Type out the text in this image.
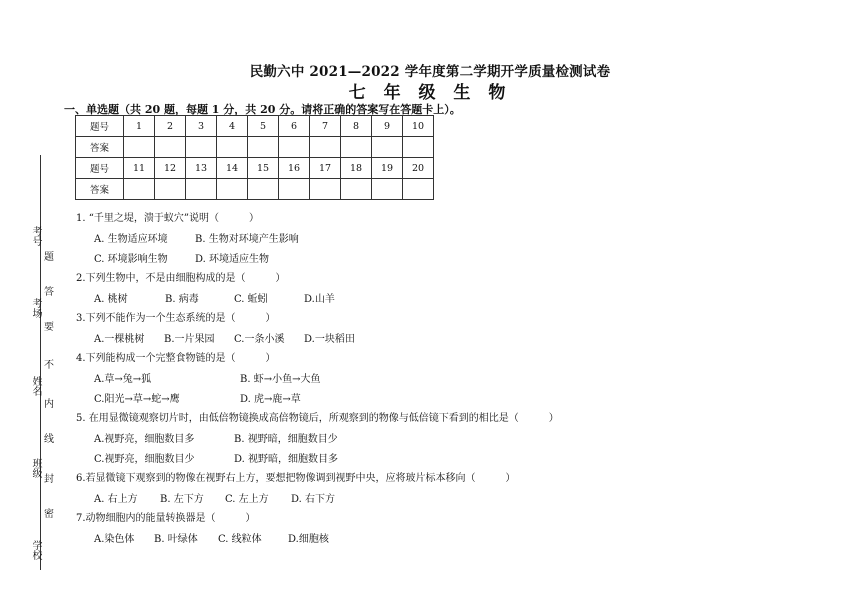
民勤六中 2021—2022 学年度第二学期开学质量检测试卷
七 年 级 生 物
一、单选题（共 20 题，每题 1 分，共 20 分。请将正确的答案写在答题卡上）。
题号	1	2	3	4	5	6	7	8	9	10
答案										
题号	11	12	13	14	15	16	17	18	19	20
答案										
1. “千里之堤，溃于蚁穴”说明（　　　）
A. 生物适应环境	B. 生物对环境产生影响
C. 环境影响生物	D. 环境适应生物
2.下列生物中，不是由细胞构成的是（　　　）
A. 桃树	B. 病毒	C. 蚯蚓	D.山羊
3.下列不能作为一个生态系统的是（　　　）
A.一棵桃树 B.一片果园 C.一条小溪 D.一块稻田
4.下列能构成一个完整食物链的是（　　　）
A.草→兔→狐	B. 虾→小鱼→大鱼
C.阳光→草→蛇→鹰	D. 虎→鹿→草
5. 在用显微镜观察切片时，由低倍物镜换成高倍物镜后，所观察到的物像与低倍镜下看到的相比是（　　　）
A.视野亮，细胞数目多	B. 视野暗，细胞数目少
C.视野亮，细胞数目少	D. 视野暗，细胞数目多
6.若显微镜下观察到的物像在视野右上方，要想把物像调到视野中央，应将玻片标本移向（　　　）
A. 右上方 B. 左下方 C. 左上方 D. 右下方
7.动物细胞内的能量转换器是（　　　）
A.染色体 B. 叶绿体 C. 线粒体	D.细胞核
考号
考场
姓名
班级
学校
题
答
要
不
内
线
封
密
